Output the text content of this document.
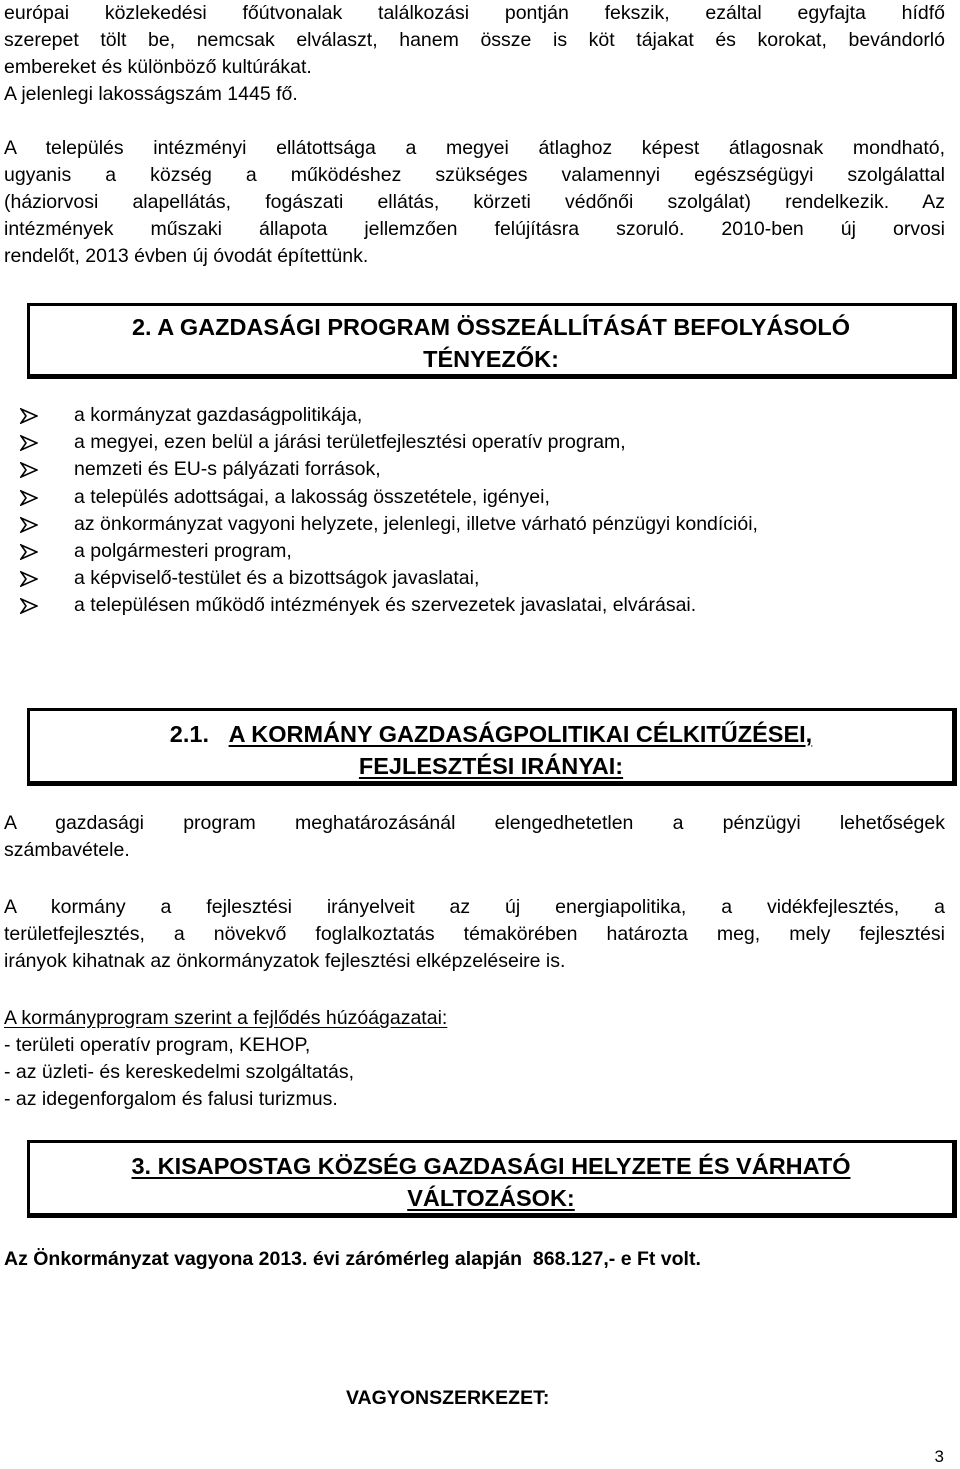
európai közlekedési főútvonalak találkozási pontján fekszik, ezáltal egyfajta hídfő
szerepet tölt be, nemcsak elválaszt, hanem össze is köt tájakat és korokat, bevándorló
embereket és különböző kultúrákat.
A jelenlegi lakosságszám 1445 fő.
A település intézményi ellátottsága a megyei átlaghoz képest átlagosnak mondható,
ugyanis a község a működéshez szükséges valamennyi egészségügyi szolgálattal
(háziorvosi alapellátás, fogászati ellátás, körzeti védőnői szolgálat) rendelkezik. Az
intézmények műszaki állapota jellemzően felújításra szoruló. 2010-ben új orvosi
rendelőt, 2013 évben új óvodát építettünk.
2. A GAZDASÁGI PROGRAM ÖSSZEÁLLÍTÁSÁT BEFOLYÁSOLÓ
TÉNYEZŐK:
a kormányzat gazdaságpolitikája,
a megyei, ezen belül a járási területfejlesztési operatív program,
nemzeti és EU-s pályázati források,
a település adottságai, a lakosság összetétele, igényei,
az önkormányzat vagyoni helyzete, jelenlegi, illetve várható pénzügyi kondíciói,
a polgármesteri program,
a képviselő-testület és a bizottságok javaslatai,
a településen működő intézmények és szervezetek javaslatai, elvárásai.
2.1. A KORMÁNY GAZDASÁGPOLITIKAI CÉLKITŰZÉSEI,
FEJLESZTÉSI IRÁNYAI:
A gazdasági program meghatározásánál elengedhetetlen a pénzügyi lehetőségek
számbavétele.
A kormány a fejlesztési irányelveit az új energiapolitika, a vidékfejlesztés, a
területfejlesztés, a növekvő foglalkoztatás témakörében határozta meg, mely fejlesztési
irányok kihatnak az önkormányzatok fejlesztési elképzeléseire is.
A kormányprogram szerint a fejlődés húzóágazatai:
- területi operatív program, KEHOP,
- az üzleti- és kereskedelmi szolgáltatás,
- az idegenforgalom és falusi turizmus.
3. KISAPOSTAG KÖZSÉG GAZDASÁGI HELYZETE ÉS VÁRHATÓ
VÁLTOZÁSOK:
Az Önkormányzat vagyona 2013. évi zárómérleg alapján  868.127,- e Ft volt.
VAGYONSZERKEZET:
3
